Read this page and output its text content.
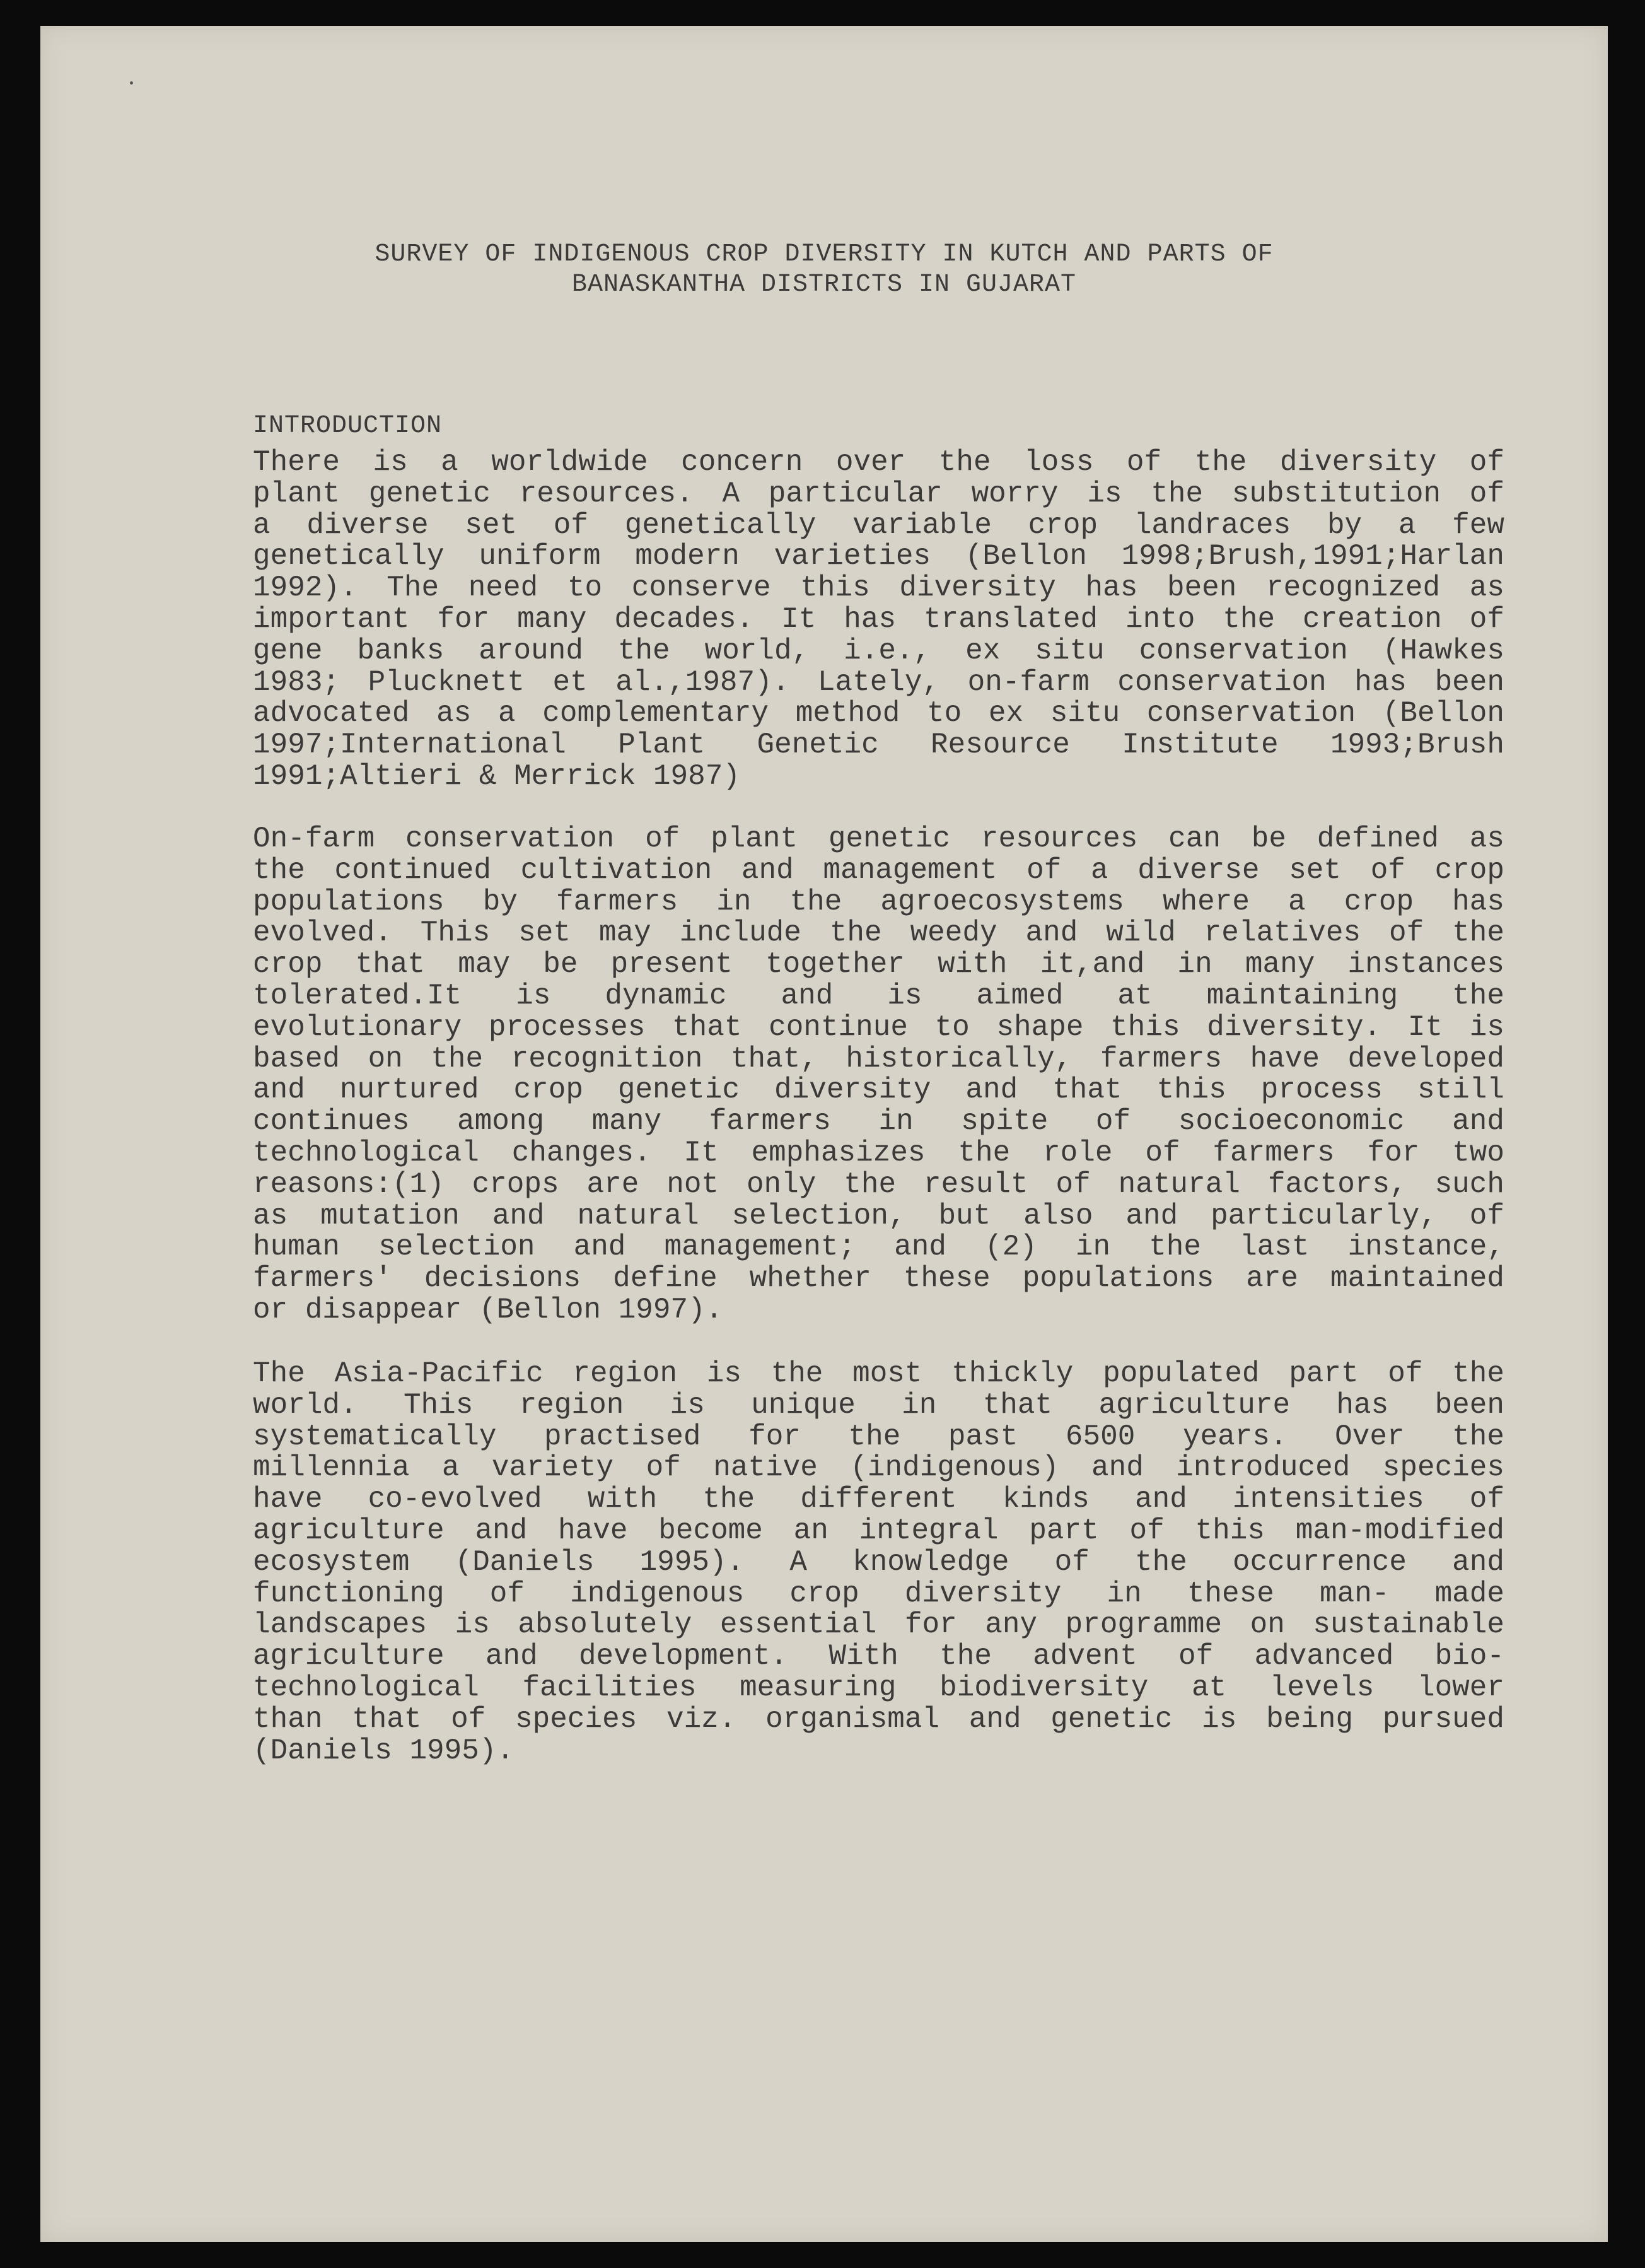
SURVEY OF INDIGENOUS CROP DIVERSITY IN KUTCH AND PARTS OF
BANASKANTHA DISTRICTS IN GUJARAT
INTRODUCTION
There is a worldwide concern over the loss of the diversity of
plant genetic resources. A particular worry is the substitution of
a diverse set of genetically variable crop landraces by a few
genetically uniform modern varieties (Bellon 1998;Brush,1991;Harlan
1992). The need to conserve this diversity has been recognized as
important for many decades. It has translated into the creation of
gene banks around the world, i.e., ex situ conservation (Hawkes
1983; Plucknett et al.,1987). Lately, on-farm conservation has been
advocated as a complementary method to ex situ conservation (Bellon
1997;International Plant Genetic Resource Institute 1993;Brush
1991;Altieri & Merrick 1987)
On-farm conservation of plant genetic resources can be defined as
the continued cultivation and management of a diverse set of crop
populations by farmers in the agroecosystems where a crop has
evolved. This set may include the weedy and wild relatives of the
crop that may be present together with it,and in many instances
tolerated.It is dynamic and is aimed at maintaining the
evolutionary processes that continue to shape this diversity. It is
based on the recognition that, historically, farmers have developed
and nurtured crop genetic diversity and that this process still
continues among many farmers in spite of socioeconomic and
technological changes. It emphasizes the role of farmers for two
reasons:(1) crops are not only the result of natural factors, such
as mutation and natural selection, but also and particularly, of
human selection and management; and (2) in the last instance,
farmers' decisions define whether these populations are maintained
or disappear (Bellon 1997).
The Asia-Pacific region is the most thickly populated part of the
world. This region is unique in that agriculture has been
systematically practised for the past 6500 years. Over the
millennia a variety of native (indigenous) and introduced species
have co-evolved with the different kinds and intensities of
agriculture and have become an integral part of this man-modified
ecosystem (Daniels 1995). A knowledge of the occurrence and
functioning of indigenous crop diversity in these man- made
landscapes is absolutely essential for any programme on sustainable
agriculture and development. With the advent of advanced bio-
technological facilities measuring biodiversity at levels lower
than that of species viz. organismal and genetic is being pursued
(Daniels 1995).
